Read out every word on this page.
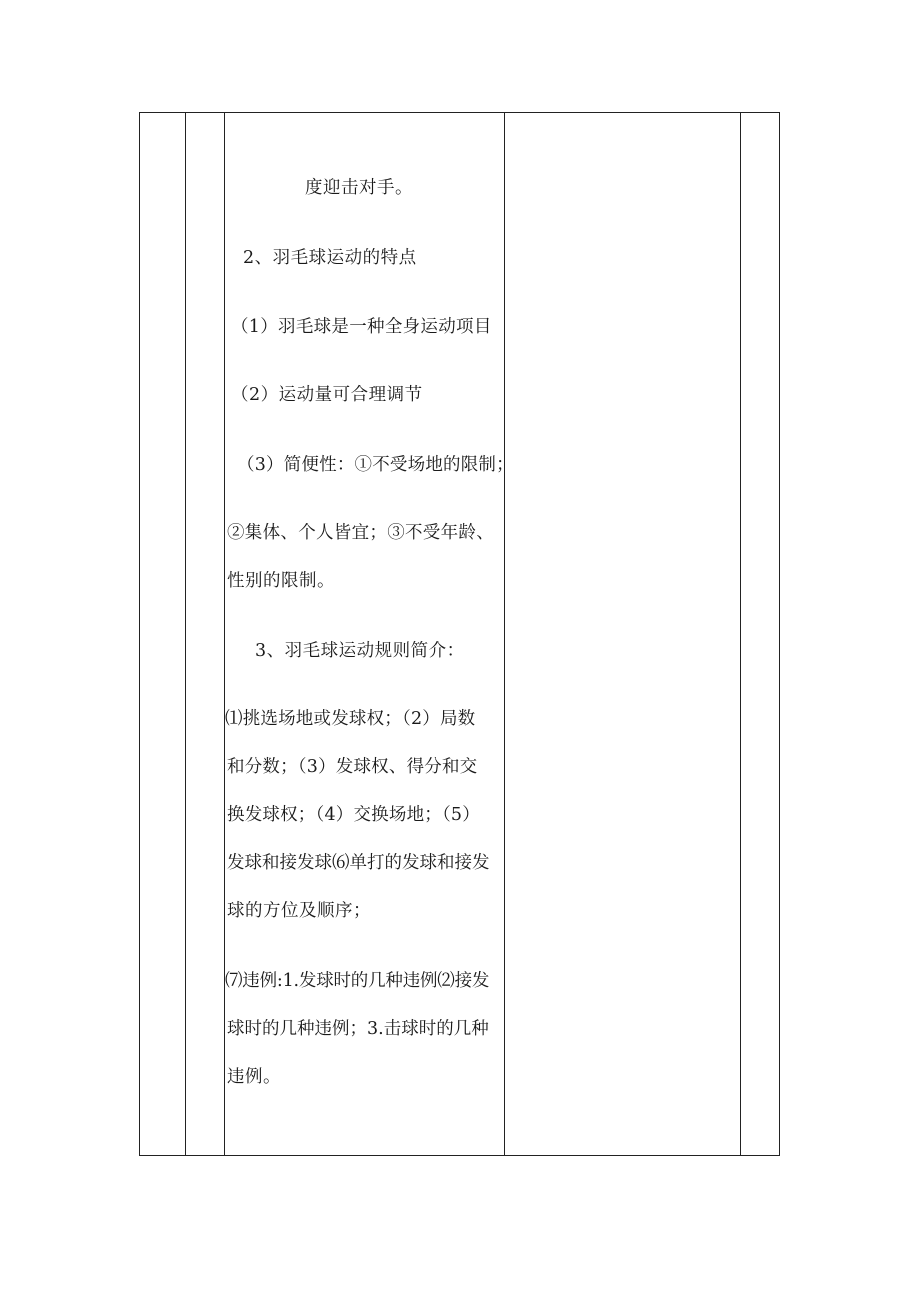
度迎击对手。
2、羽毛球运动的特点
（1）羽毛球是一种全身运动项目
（2）运动量可合理调节
（3）简便性：①不受场地的限制；
②集体、个人皆宜；③不受年龄、
性别的限制。
3、羽毛球运动规则简介：
⑴挑选场地或发球权；（2）局数
和分数；（3）发球权、得分和交
换发球权；（4）交换场地；（5）
发球和接发球⑹单打的发球和接发
球的方位及顺序；
⑺违例:1.发球时的几种违例⑵接发
球时的几种违例；3.击球时的几种
违例。
